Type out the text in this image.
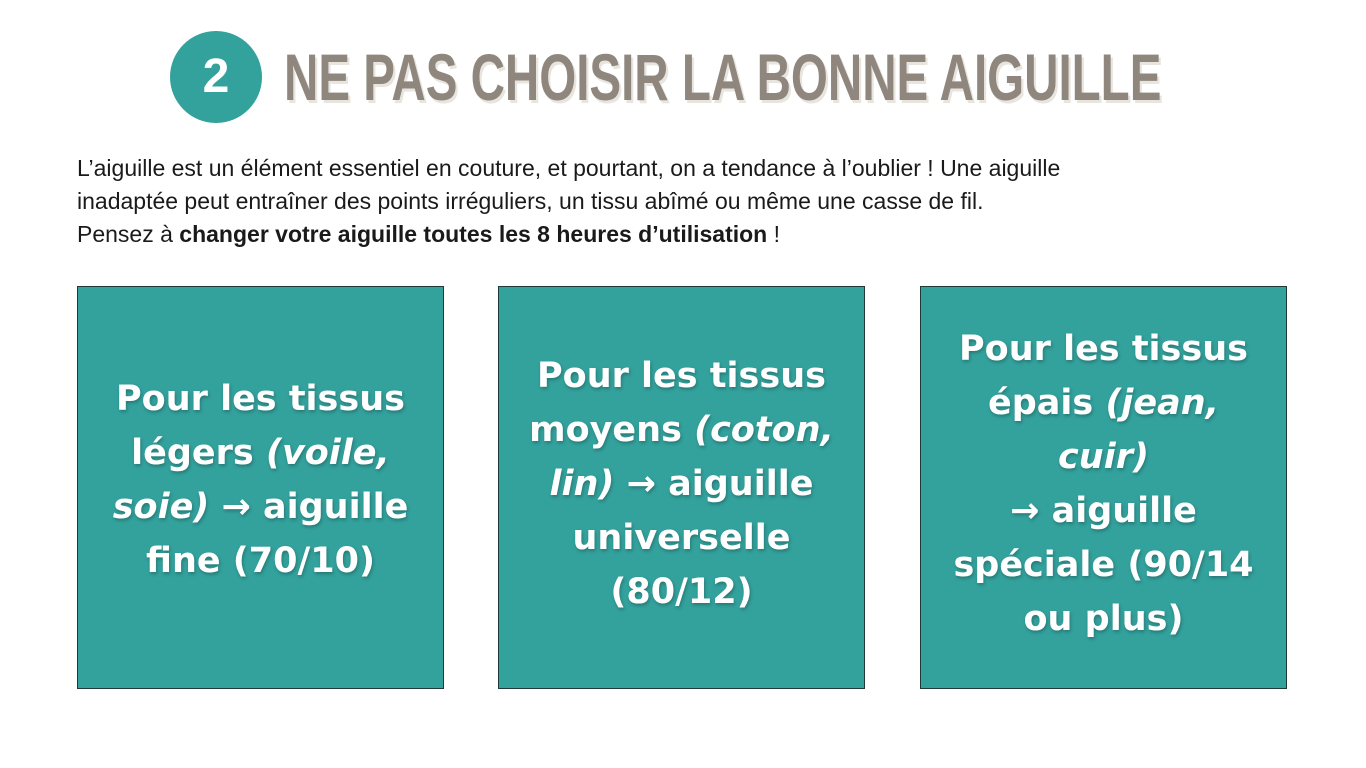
2 NE PAS CHOISIR LA BONNE AIGUILLE

L’aiguille est un élément essentiel en couture, et pourtant, on a tendance à l’oublier ! Une aiguille
inadaptée peut entraîner des points irréguliers, un tissu abîmé ou même une casse de fil.
Pensez à changer votre aiguille toutes les 8 heures d’utilisation !

Pour les tissus
légers (voile,
soie) → aiguille
fine (70/10)

Pour les tissus
moyens (coton,
lin) → aiguille
universelle
(80/12)

Pour les tissus
épais (jean, cuir)
→ aiguille
spéciale (90/14
ou plus)
